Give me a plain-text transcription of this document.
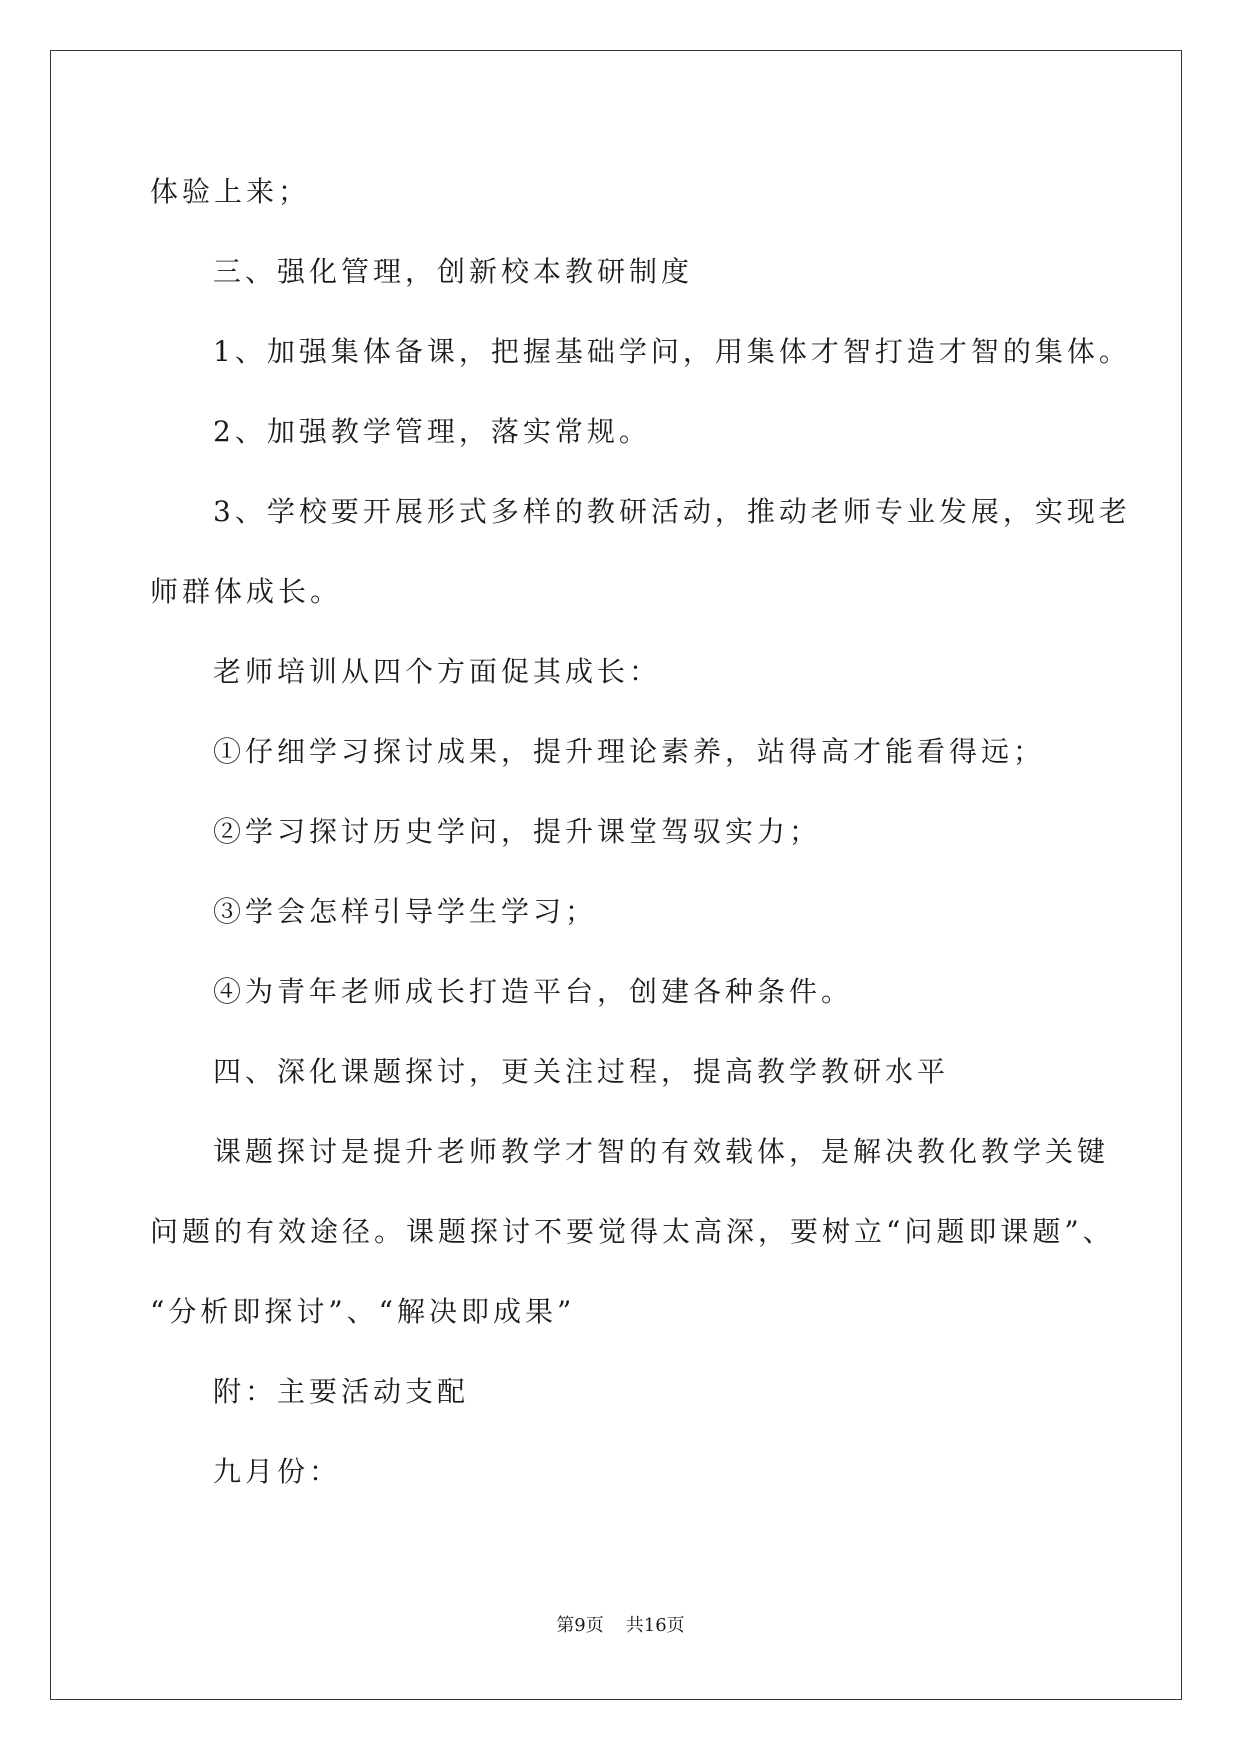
体验上来；
三、强化管理，创新校本教研制度
1、加强集体备课，把握基础学问，用集体才智打造才智的集体。
2、加强教学管理，落实常规。
3、学校要开展形式多样的教研活动，推动老师专业发展，实现老
师群体成长。
老师培训从四个方面促其成长：
①仔细学习探讨成果，提升理论素养，站得高才能看得远；
②学习探讨历史学问，提升课堂驾驭实力；
③学会怎样引导学生学习；
④为青年老师成长打造平台，创建各种条件。
四、深化课题探讨，更关注过程，提高教学教研水平
课题探讨是提升老师教学才智的有效载体，是解决教化教学关键
问题的有效途径。课题探讨不要觉得太高深，要树立“问题即课题”、
“分析即探讨”、“解决即成果”
附：主要活动支配
九月份：
第9页 共16页
